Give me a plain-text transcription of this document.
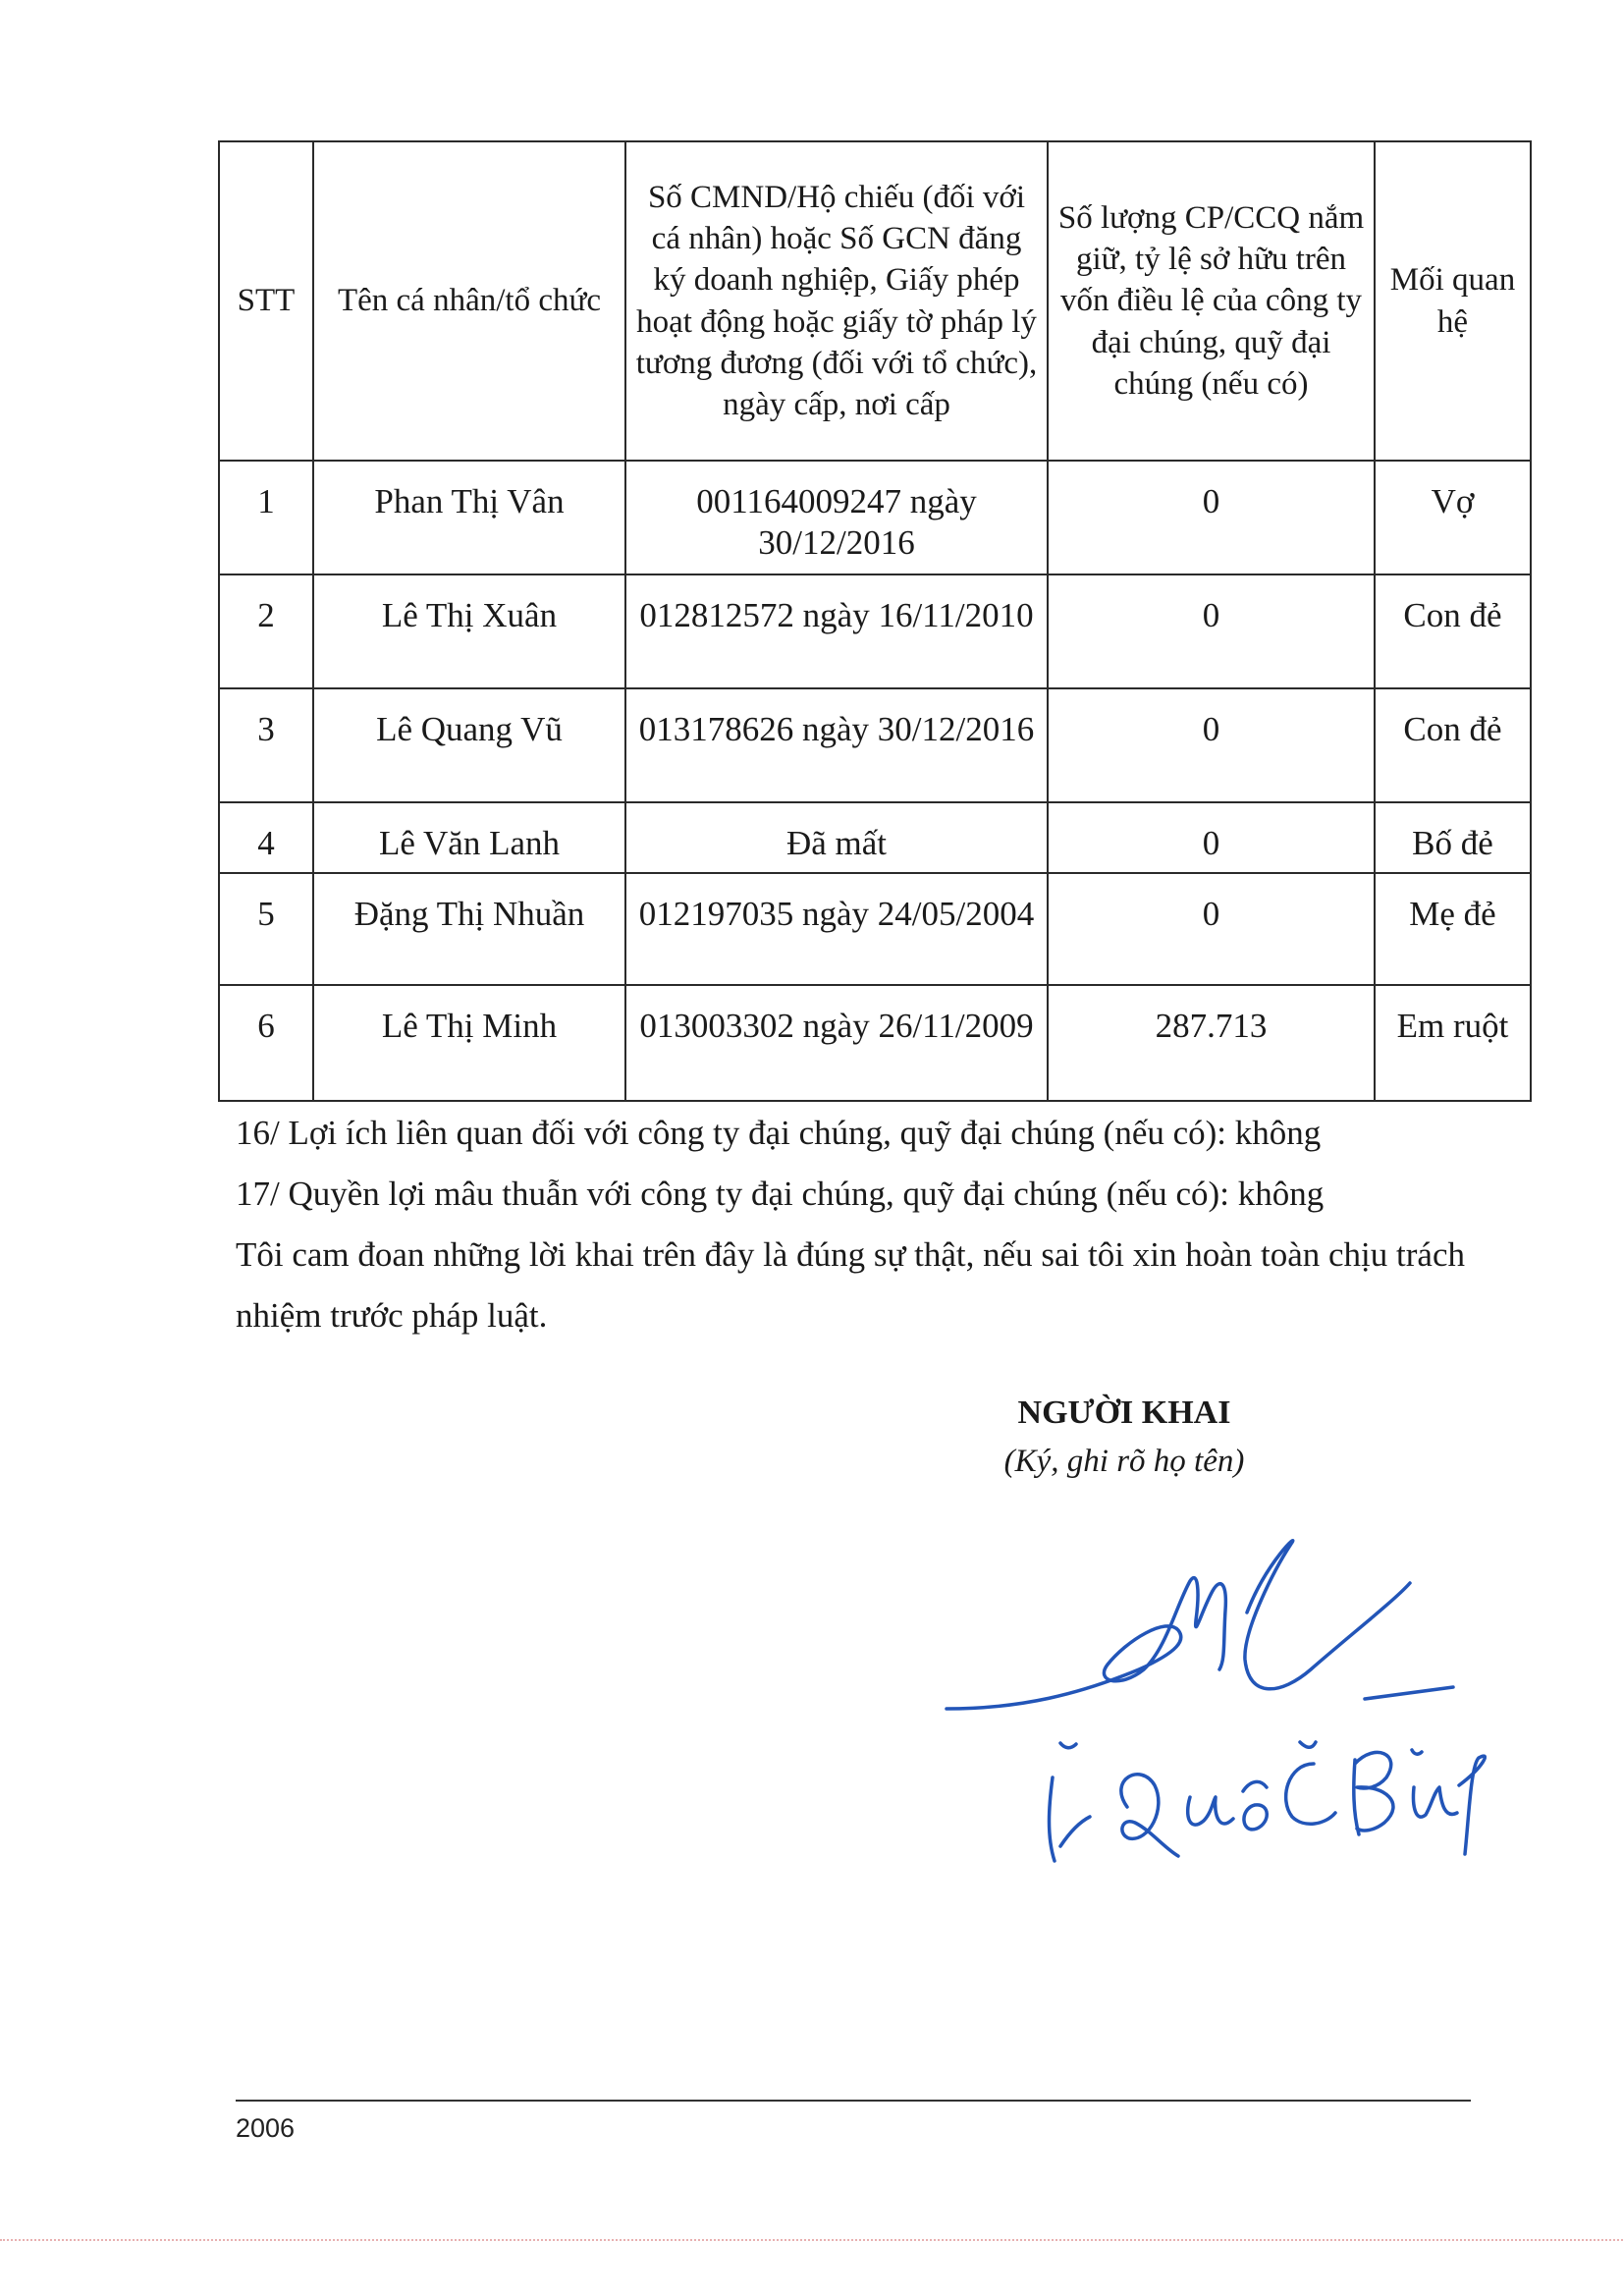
STT	Tên cá nhân/tổ chức	Số CMND/Hộ chiếu (đối với cá nhân) hoặc Số GCN đăng ký doanh nghiệp, Giấy phép hoạt động hoặc giấy tờ pháp lý tương đương (đối với tổ chức), ngày cấp, nơi cấp	Số lượng CP/CCQ nắm giữ, tỷ lệ sở hữu trên vốn điều lệ của công ty đại chúng, quỹ đại chúng (nếu có)	Mối quan hệ
1	Phan Thị Vân	001164009247 ngày 30/12/2016	0	Vợ
2	Lê Thị Xuân	012812572 ngày 16/11/2010	0	Con đẻ
3	Lê Quang Vũ	013178626 ngày 30/12/2016	0	Con đẻ
4	Lê Văn Lanh	Đã mất	0	Bố đẻ
5	Đặng Thị Nhuần	012197035 ngày 24/05/2004	0	Mẹ đẻ
6	Lê Thị Minh	013003302 ngày 26/11/2009	287.713	Em ruột

16/ Lợi ích liên quan đối với công ty đại chúng, quỹ đại chúng (nếu có): không

17/ Quyền lợi mâu thuẫn với công ty đại chúng, quỹ đại chúng (nếu có): không

Tôi cam đoan những lời khai trên đây là đúng sự thật, nếu sai tôi xin hoàn toàn chịu trách nhiệm trước pháp luật.

NGƯỜI KHAI
(Ký, ghi rõ họ tên)
2006
